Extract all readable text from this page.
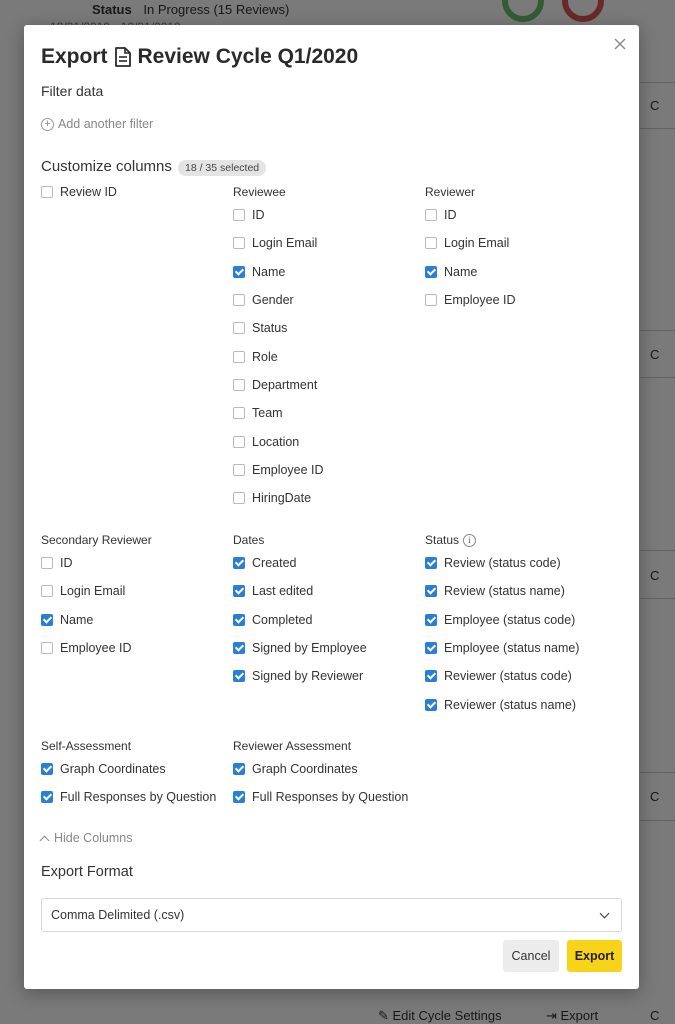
Export Review Cycle Q1/2020
Filter data
+ Add another filter
Customize columns	18 / 35 selected
Review ID	Reviewee
ID
Login Email
Name
Gender
Status
Role
Department
Team
Location
Employee ID
HiringDate
Reviewer
ID
Login Email
Name
Employee ID
Secondary Reviewer
ID
Login Email
Name
Employee ID
Dates
Created
Last edited
Completed
Signed by Employee
Signed by Reviewer
Status	i
Review (status code)
Review (status name)
Employee (status code)
Employee (status name)
Reviewer (status code)
Reviewer (status name)
Self-Assessment
Graph Coordinates
Full Responses by Question
Reviewer Assessment
Graph Coordinates
Full Responses by Question
Hide Columns
Export Format
Comma Delimited (.csv)
Cancel	Export
